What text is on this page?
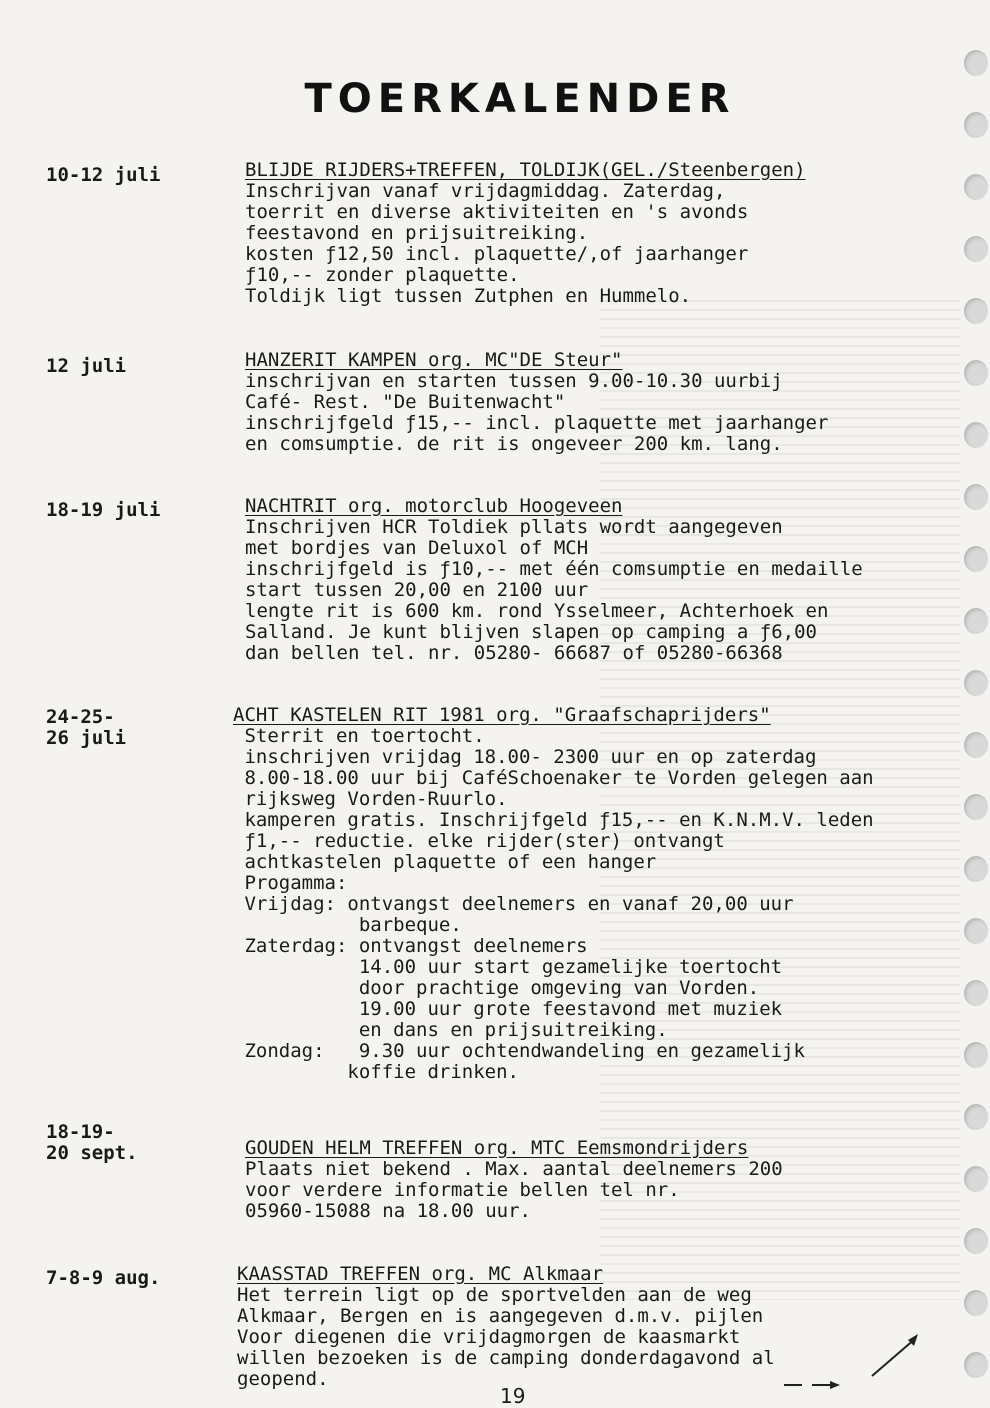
TOERKALENDER
10-12 juli	BLIJDE RIJDERS+TREFFEN, TOLDIJK(GEL./Steenbergen)
Inschrijvan vanaf vrijdagmiddag. Zaterdag,
toerrit en diverse aktiviteiten en 's avonds
feestavond en prijsuitreiking.
kosten ƒ12,50 incl. plaquette/,of jaarhanger
ƒ10,-- zonder plaquette.
Toldijk ligt tussen Zutphen en Hummelo.
12 juli	HANZERIT KAMPEN org. MC"DE Steur"
inschrijvan en starten tussen 9.00-10.30 uurbij
Café- Rest. "De Buitenwacht"
inschrijfgeld ƒ15,-- incl. plaquette met jaarhanger
en comsumptie. de rit is ongeveer 200 km. lang.
18-19 juli	NACHTRIT org. motorclub Hoogeveen
Inschrijven HCR Toldiek pllats wordt aangegeven
met bordjes van Deluxol of MCH
inschrijfgeld is ƒ10,-- met één comsumptie en medaille
start tussen 20,00 en 2100 uur
lengte rit is 600 km. rond Ysselmeer, Achterhoek en
Salland. Je kunt blijven slapen op camping a ƒ6,00
dan bellen tel. nr. 05280- 66687 of 05280-66368
24-25-
26 juli
ACHT KASTELEN RIT 1981 org. "Graafschaprijders"
Sterrit en toertocht.
inschrijven vrijdag 18.00- 2300 uur en op zaterdag
8.00-18.00 uur bij CaféSchoenaker te Vorden gelegen aan
rijksweg Vorden-Ruurlo.
kamperen gratis. Inschrijfgeld ƒ15,-- en K.N.M.V. leden
ƒ1,-- reductie. elke rijder(ster) ontvangt
achtkastelen plaquette of een hanger
Progamma:
Vrijdag: ontvangst deelnemers en vanaf 20,00 uur
barbeque.
Zaterdag: ontvangst deelnemers
14.00 uur start gezamelijke toertocht
door prachtige omgeving van Vorden.
19.00 uur grote feestavond met muziek
en dans en prijsuitreiking.
Zondag:   9.30 uur ochtendwandeling en gezamelijk
koffie drinken.
18-19-
20 sept.	GOUDEN HELM TREFFEN org. MTC Eemsmondrijders
Plaats niet bekend . Max. aantal deelnemers 200
voor verdere informatie bellen tel nr.
05960-15088 na 18.00 uur.
7-8-9 aug.	KAASSTAD TREFFEN org. MC Alkmaar
Het terrein ligt op de sportvelden aan de weg
Alkmaar, Bergen en is aangegeven d.m.v. pijlen
Voor diegenen die vrijdagmorgen de kaasmarkt
willen bezoeken is de camping donderdagavond al
geopend.
19
